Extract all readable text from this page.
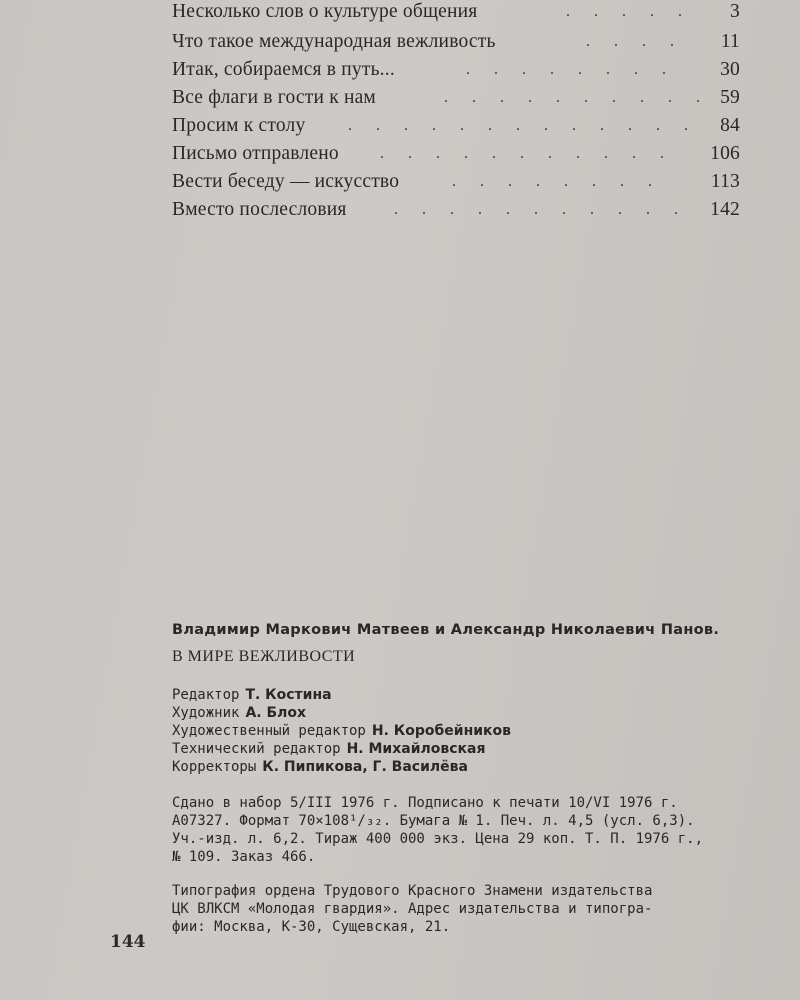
Несколько слов о культуре общения	. . . . . 3
Что такое международная вежливость	. . . . 11
Итак, собираемся в путь...	. . . . . . . . 30
Все флаги в гости к нам	. . . . . . . . . . 59
Просим к столу	. . . . . . . . . . . . . 84
Письмо отправлено	. . . . . . . . . . . 106
Вести беседу — искусство	. . . . . . . .	113
Вместо послесловия	. . . . . . . . . . . 142
Владимир Маркович Матвеев и Александр Николаевич Панов.
В МИРЕ ВЕЖЛИВОСТИ
Редактор Т. Костина
Художник А. Блох
Художественный редактор Н. Коробейников
Технический редактор Н. Михайловская
Корректоры К. Пипикова, Г. Василёва
Сдано в набор 5/III 1976 г. Подписано к печати 10/VI 1976 г.
А07327. Формат 70×108¹/₃₂. Бумага № 1. Печ. л. 4,5 (усл. 6,3).
Уч.-изд. л. 6,2. Тираж 400 000 экз. Цена 29 коп. Т. П. 1976 г.,
№ 109. Заказ 466.
Типография ордена Трудового Красного Знамени издательства
ЦК ВЛКСМ «Молодая гвардия». Адрес издательства и типогра-
фии: Москва, К-30, Сущевская, 21.
144
